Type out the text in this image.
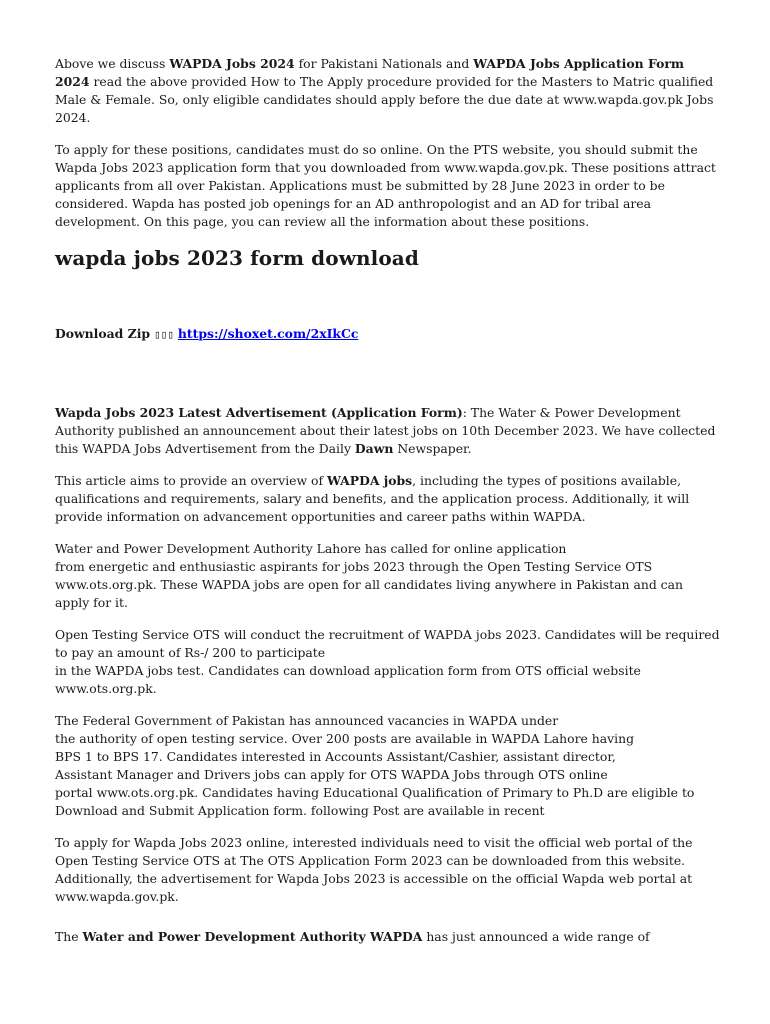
Above we discuss WAPDA Jobs 2024 for Pakistani Nationals and WAPDA Jobs Application Form 2024 read the above provided How to The Apply procedure provided for the Masters to Matric qualified Male & Female. So, only eligible candidates should apply before the due date at www.wapda.gov.pk Jobs 2024.

To apply for these positions, candidates must do so online. On the PTS website, you should submit the Wapda Jobs 2023 application form that you downloaded from www.wapda.gov.pk. These positions attract applicants from all over Pakistan. Applications must be submitted by 28 June 2023 in order to be considered. Wapda has posted job openings for an AD anthropologist and an AD for tribal area development. On this page, you can review all the information about these positions.

wapda jobs 2023 form download

Download Zip ▯▯▯ https://shoxet.com/2xIkCc

Wapda Jobs 2023 Latest Advertisement (Application Form): The Water & Power Development Authority published an announcement about their latest jobs on 10th December 2023. We have collected this WAPDA Jobs Advertisement from the Daily Dawn Newspaper.

This article aims to provide an overview of WAPDA jobs, including the types of positions available, qualifications and requirements, salary and benefits, and the application process. Additionally, it will provide information on advancement opportunities and career paths within WAPDA.

Water and Power Development Authority Lahore has called for online application
from energetic and enthusiastic aspirants for jobs 2023 through the Open Testing Service OTS www.ots.org.pk. These WAPDA jobs are open for all candidates living anywhere in Pakistan and can apply for it.

Open Testing Service OTS will conduct the recruitment of WAPDA jobs 2023. Candidates will be required to pay an amount of Rs-/ 200 to participate
in the WAPDA jobs test. Candidates can download application form from OTS official website www.ots.org.pk.

The Federal Government of Pakistan has announced vacancies in WAPDA under
the authority of open testing service. Over 200 posts are available in WAPDA Lahore having
BPS 1 to BPS 17. Candidates interested in Accounts Assistant/Cashier, assistant director,
Assistant Manager and Drivers jobs can apply for OTS WAPDA Jobs through OTS online
portal www.ots.org.pk. Candidates having Educational Qualification of Primary to Ph.D are eligible to Download and Submit Application form. following Post are available in recent

To apply for Wapda Jobs 2023 online, interested individuals need to visit the official web portal of the Open Testing Service OTS at The OTS Application Form 2023 can be downloaded from this website. Additionally, the advertisement for Wapda Jobs 2023 is accessible on the official Wapda web portal at www.wapda.gov.pk.

The Water and Power Development Authority WAPDA has just announced a wide range of
